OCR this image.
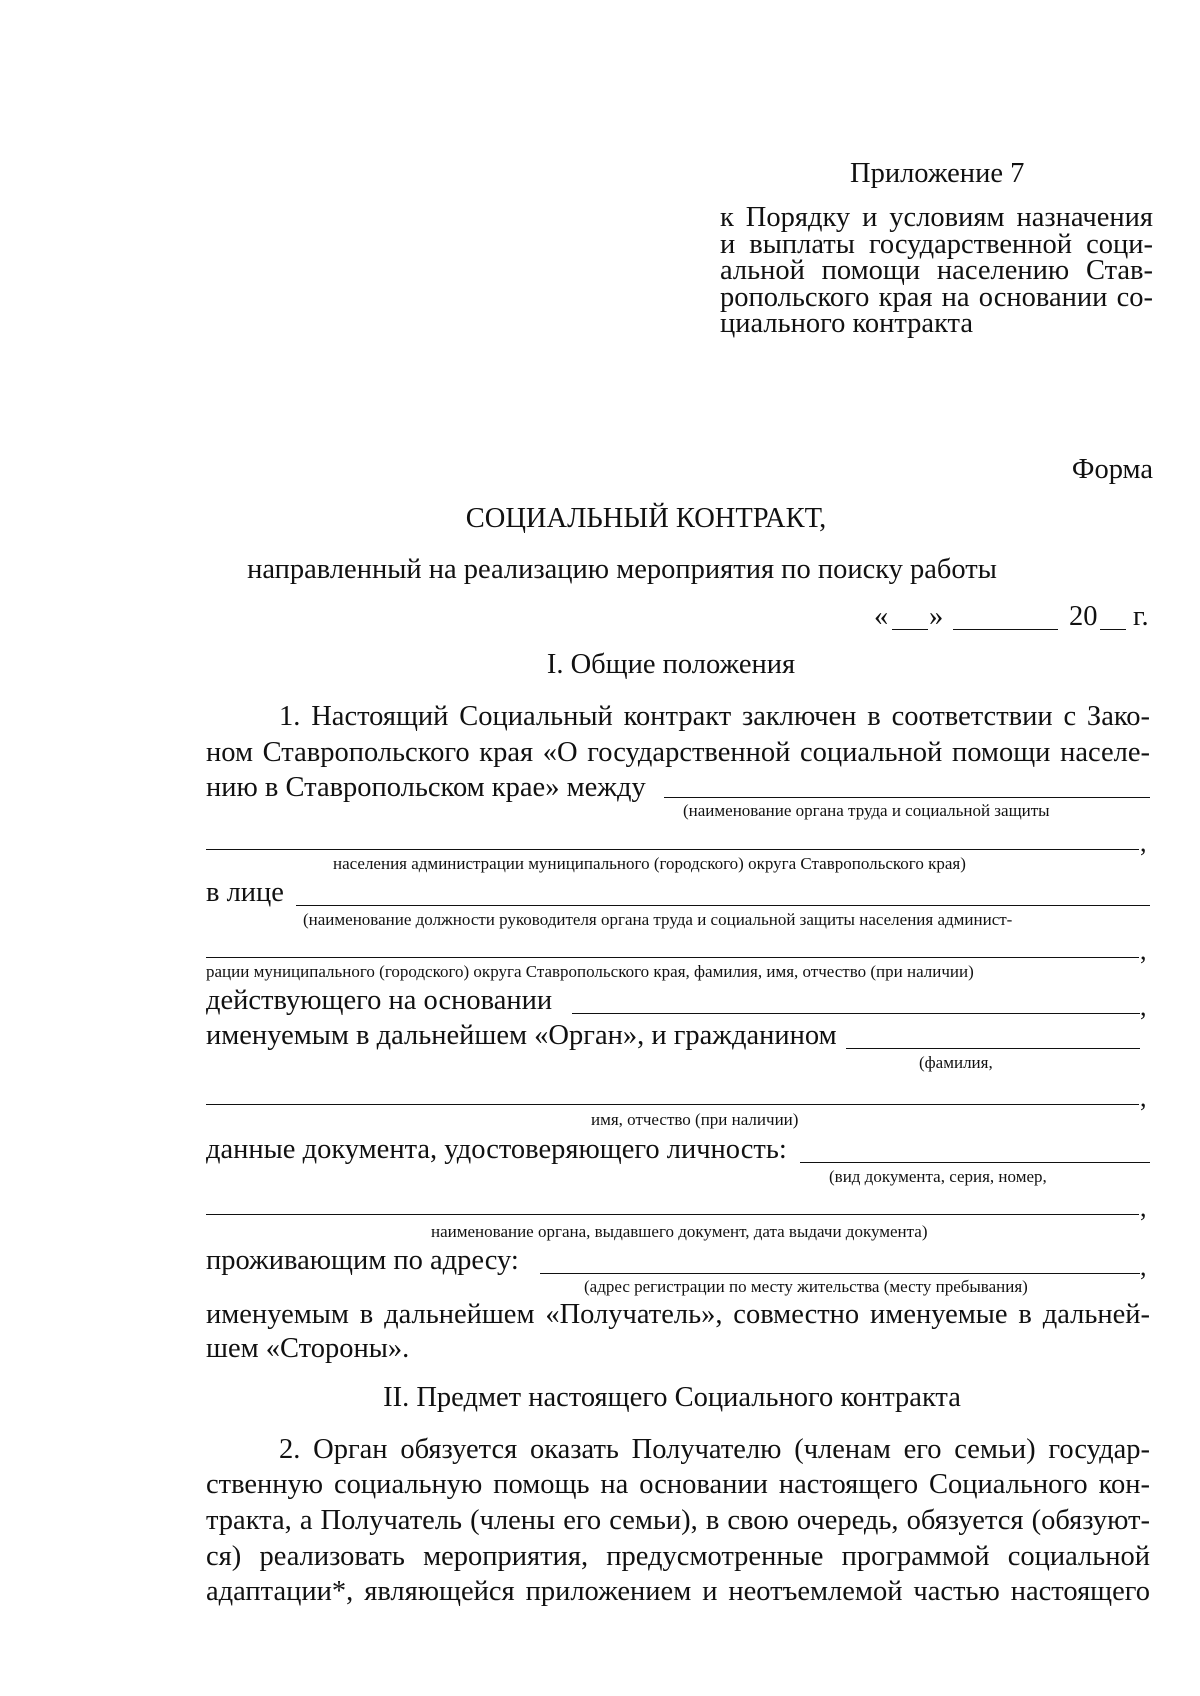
Приложение 7
к Порядку и условиям назначения
и выплаты государственной соци-
альной помощи населению Став-
ропольского края на основании со-
циального контракта
Форма
СОЦИАЛЬНЫЙ КОНТРАКТ,
направленный на реализацию мероприятия по поиску работы
« »	20 г.
I. Общие положения
1. Настоящий Социальный контракт заключен в соответствии с Зако-
ном Ставропольского края «О государственной социальной помощи населе-
нию в Ставропольском крае» между
(наименование органа труда и социальной защиты
,
населения администрации муниципального (городского) округа Ставропольского края)
в лице
(наименование должности руководителя органа труда и социальной защиты населения админист-
,
рации муниципального (городского) округа Ставропольского края, фамилия, имя, отчество (при наличии)
действующего на основании	,
именуемым в дальнейшем «Орган», и гражданином
(фамилия,
,
имя, отчество (при наличии)
данные документа, удостоверяющего личность:
(вид документа, серия, номер,
,
наименование органа, выдавшего документ, дата выдачи документа)
проживающим по адресу:	,
(адрес регистрации по месту жительства (месту пребывания)
именуемым в дальнейшем «Получатель», совместно именуемые в дальней-
шем «Стороны».
II. Предмет настоящего Социального контракта
2. Орган обязуется оказать Получателю (членам его семьи) государ-
ственную социальную помощь на основании настоящего Социального кон-
тракта, а Получатель (члены его семьи), в свою очередь, обязуется (обязуют-
ся) реализовать мероприятия, предусмотренные программой социальной
адаптации*, являющейся приложением и неотъемлемой частью настоящего
